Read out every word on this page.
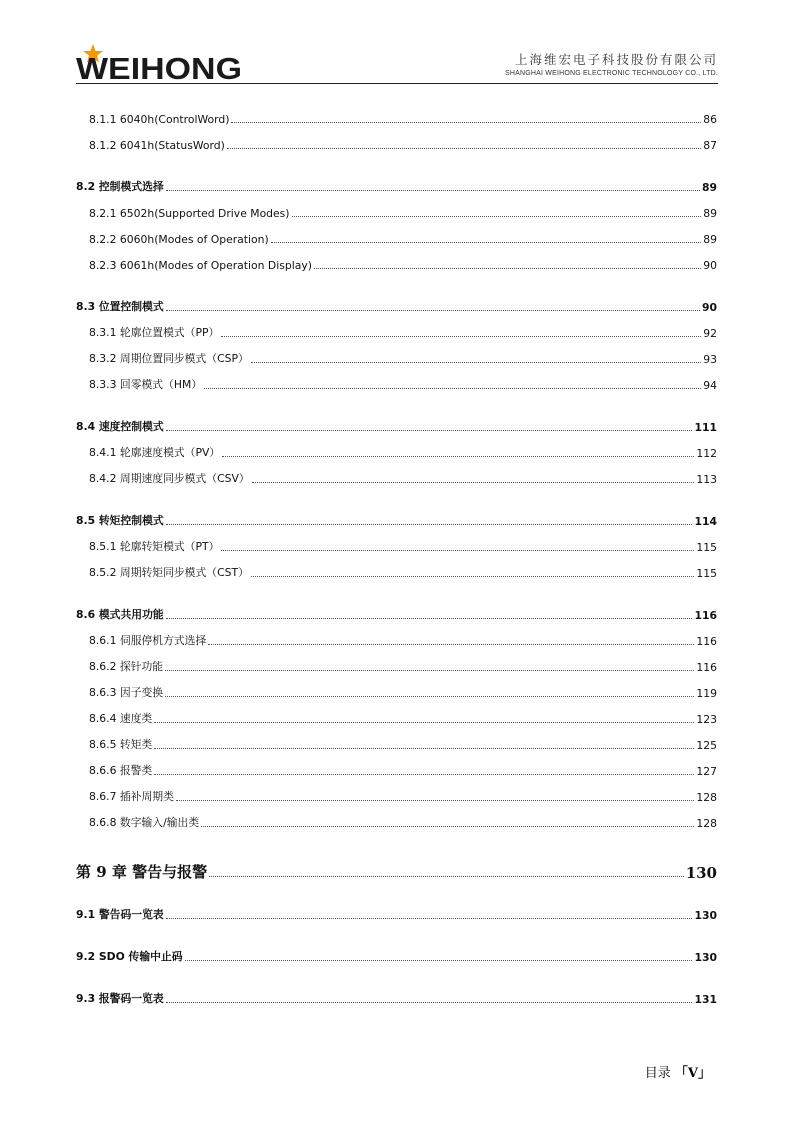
WEIHONG	上海维宏电子科技股份有限公司
SHANGHAI WEIHONG ELECTRONIC TECHNOLOGY CO., LTD.
8.1.1 6040h(ControlWord)	86
8.1.2 6041h(StatusWord)	87
8.2 控制模式选择	89
8.2.1 6502h(Supported Drive Modes)	89
8.2.2 6060h(Modes of Operation)	89
8.2.3 6061h(Modes of Operation Display)	90
8.3 位置控制模式	90
8.3.1 轮廓位置模式（PP）	92
8.3.2 周期位置同步模式（CSP）	93
8.3.3 回零模式（HM）	94
8.4 速度控制模式	111
8.4.1 轮廓速度模式（PV）	112
8.4.2 周期速度同步模式（CSV）	113
8.5 转矩控制模式	114
8.5.1 轮廓转矩模式（PT）	115
8.5.2 周期转矩同步模式（CST）	115
8.6 模式共用功能	116
8.6.1 伺服停机方式选择	116
8.6.2 探针功能	116
8.6.3 因子变换	119
8.6.4 速度类	123
8.6.5 转矩类	125
8.6.6 报警类	127
8.6.7 插补周期类	128
8.6.8 数字输入/输出类	128
第 9 章 警告与报警	130
9.1 警告码一览表	130
9.2 SDO 传输中止码	130
9.3 报警码一览表	131
目录 「V」
